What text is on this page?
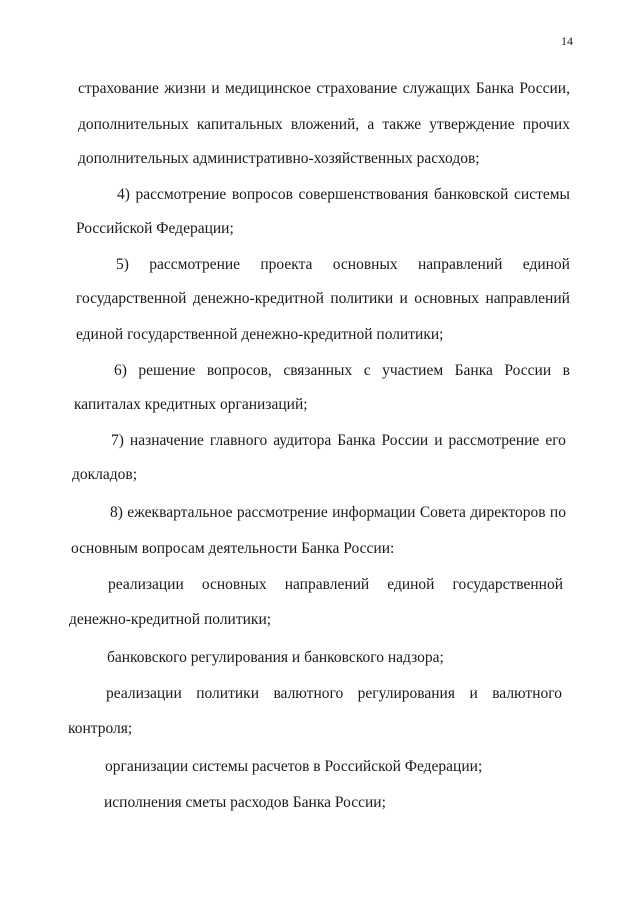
14
страхование жизни и медицинское страхование служащих Банка России,
дополнительных капитальных вложений, а также утверждение прочих
дополнительных административно-хозяйственных расходов;
4) рассмотрение вопросов совершенствования банковской системы
Российской Федерации;
5) рассмотрение проекта основных направлений единой
государственной денежно-кредитной политики и основных направлений
единой государственной денежно-кредитной политики;
6) решение вопросов, связанных с участием Банка России в
капиталах кредитных организаций;
7) назначение главного аудитора Банка России и рассмотрение его
докладов;
8) ежеквартальное рассмотрение информации Совета директоров по
основным вопросам деятельности Банка России:
реализации основных направлений единой государственной
денежно-кредитной политики;
банковского регулирования и банковского надзора;
реализации политики валютного регулирования и валютного
контроля;
организации системы расчетов в Российской Федерации;
исполнения сметы расходов Банка России;
